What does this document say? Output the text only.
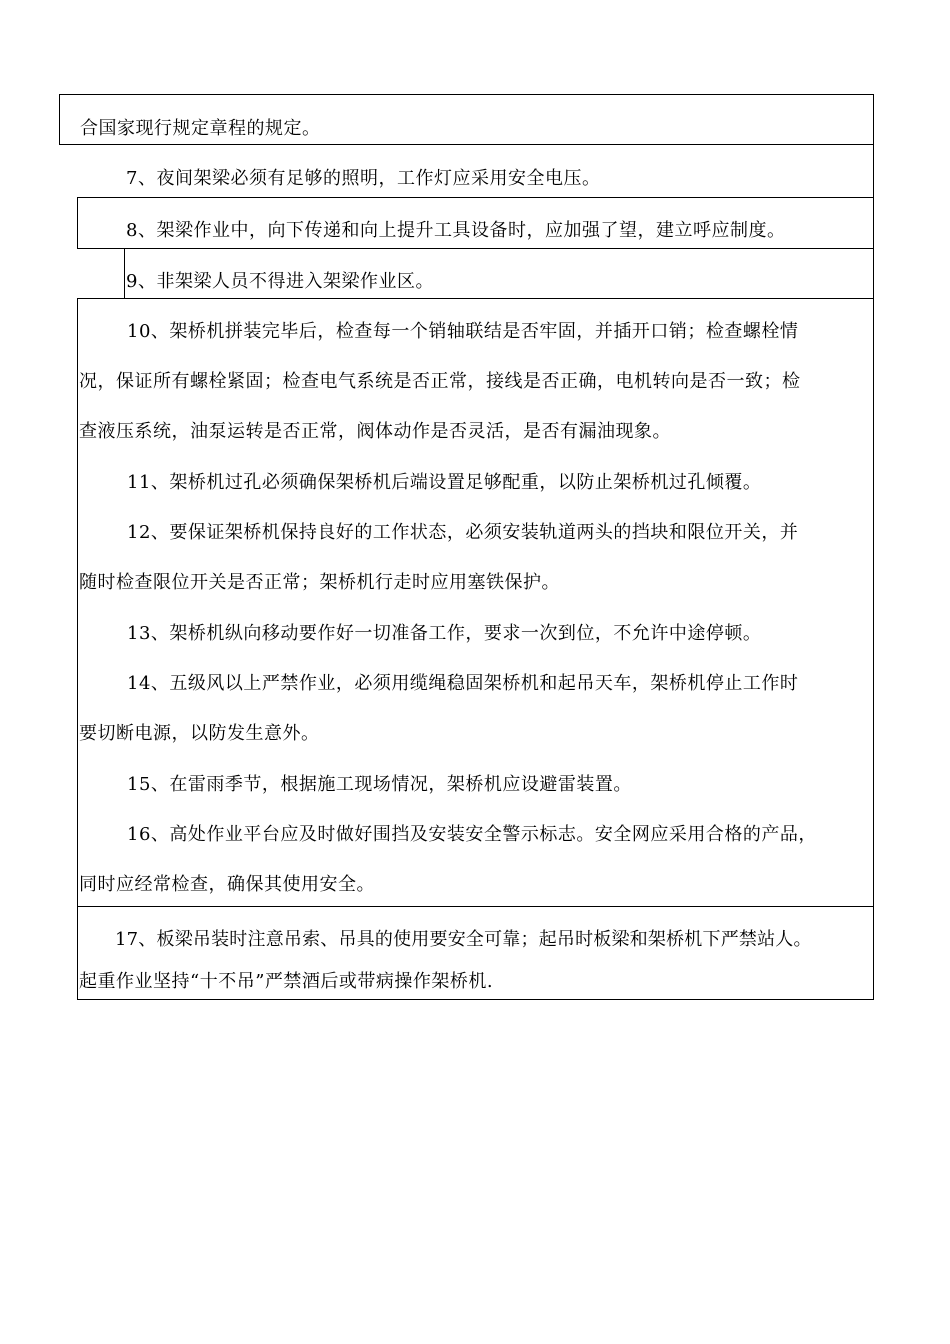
合国家现行规定章程的规定。
7、夜间架梁必须有足够的照明，工作灯应采用安全电压。
8、架梁作业中，向下传递和向上提升工具设备时，应加强了望，建立呼应制度。
9、非架梁人员不得进入架梁作业区。
10、架桥机拼装完毕后，检查每一个销轴联结是否牢固，并插开口销；检查螺栓情
况，保证所有螺栓紧固；检查电气系统是否正常，接线是否正确，电机转向是否一致；检
查液压系统，油泵运转是否正常，阀体动作是否灵活，是否有漏油现象。
11、架桥机过孔必须确保架桥机后端设置足够配重，以防止架桥机过孔倾覆。
12、要保证架桥机保持良好的工作状态，必须安装轨道两头的挡块和限位开关，并
随时检查限位开关是否正常；架桥机行走时应用塞铁保护。
13、架桥机纵向移动要作好一切准备工作，要求一次到位，不允许中途停顿。
14、五级风以上严禁作业，必须用缆绳稳固架桥机和起吊天车，架桥机停止工作时
要切断电源，以防发生意外。
15、在雷雨季节，根据施工现场情况，架桥机应设避雷装置。
16、高处作业平台应及时做好围挡及安装安全警示标志。安全网应采用合格的产品，
同时应经常检查，确保其使用安全。
17、板梁吊装时注意吊索、吊具的使用要安全可靠；起吊时板梁和架桥机下严禁站人。
起重作业坚持“十不吊”严禁酒后或带病操作架桥机.
